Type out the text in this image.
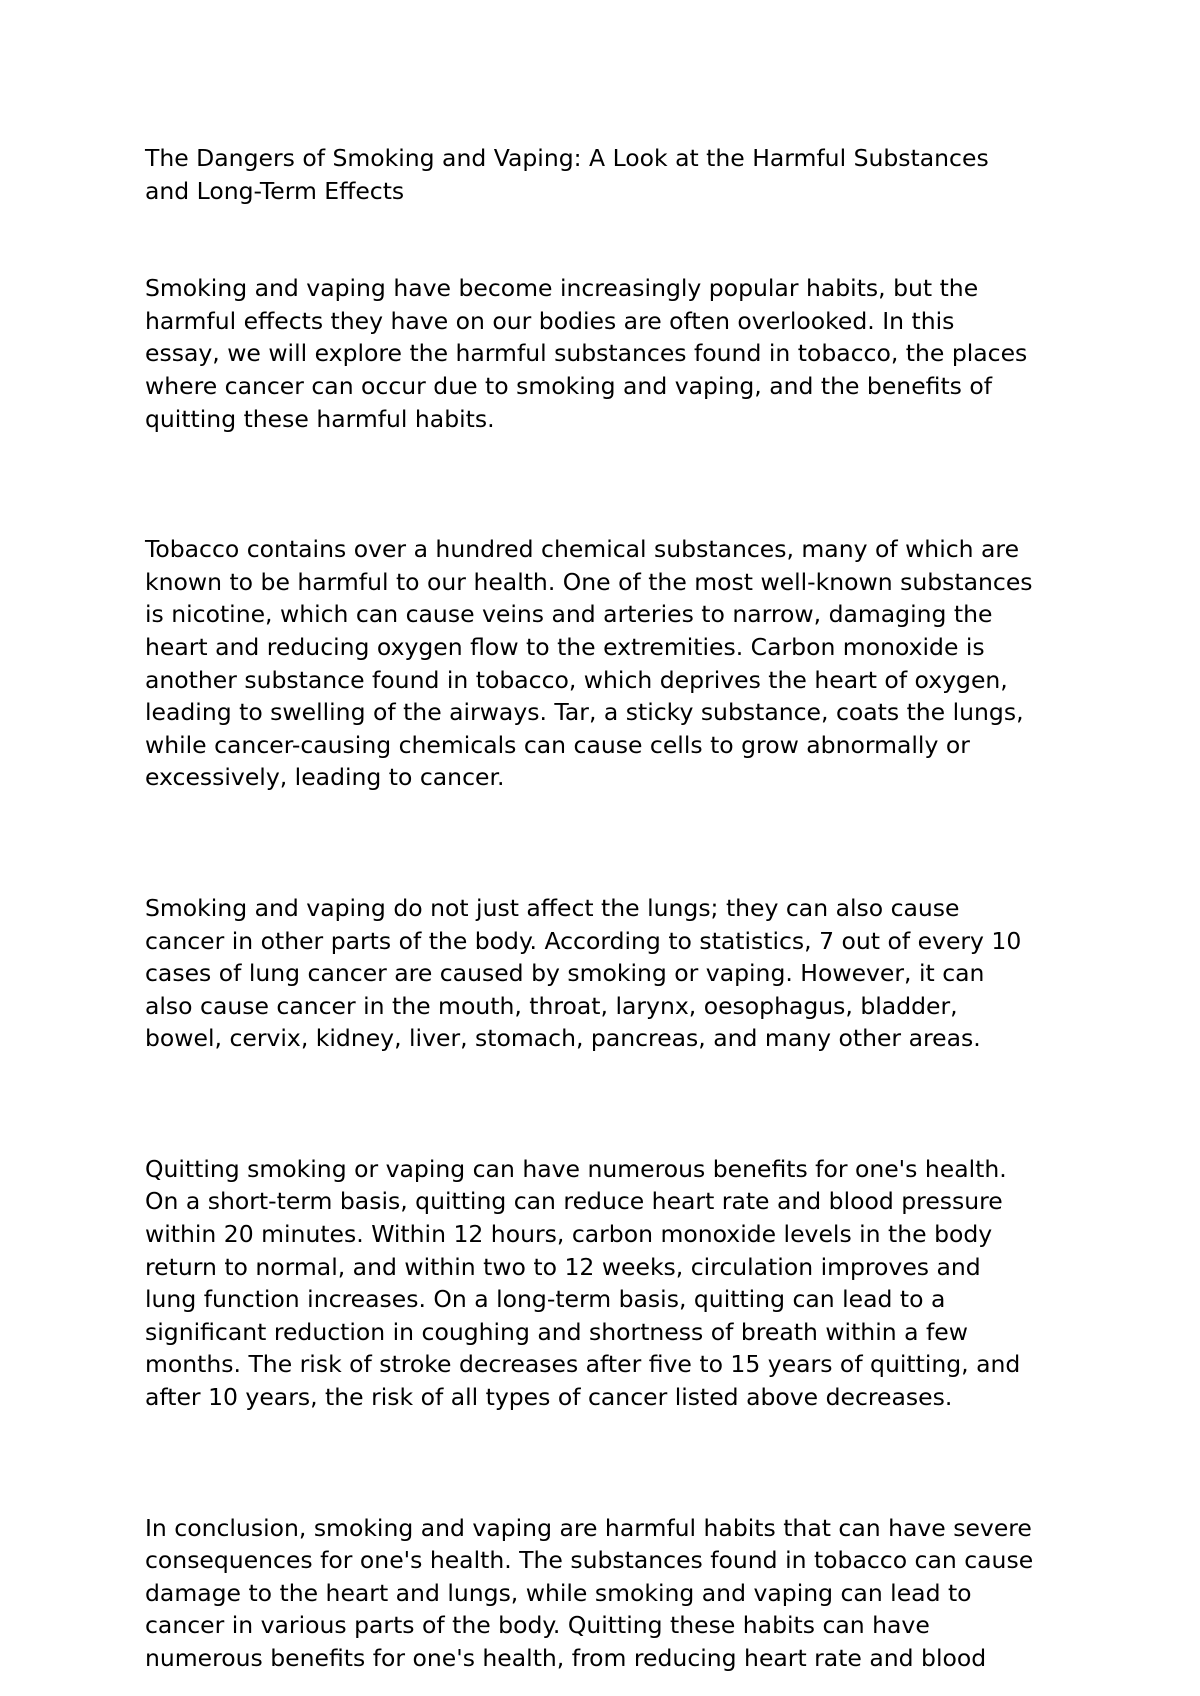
The Dangers of Smoking and Vaping: A Look at the Harmful Substances
and Long-Term Effects
Smoking and vaping have become increasingly popular habits, but the
harmful effects they have on our bodies are often overlooked. In this
essay, we will explore the harmful substances found in tobacco, the places
where cancer can occur due to smoking and vaping, and the benefits of
quitting these harmful habits.
Tobacco contains over a hundred chemical substances, many of which are
known to be harmful to our health. One of the most well-known substances
is nicotine, which can cause veins and arteries to narrow, damaging the
heart and reducing oxygen flow to the extremities. Carbon monoxide is
another substance found in tobacco, which deprives the heart of oxygen,
leading to swelling of the airways. Tar, a sticky substance, coats the lungs,
while cancer-causing chemicals can cause cells to grow abnormally or
excessively, leading to cancer.
Smoking and vaping do not just affect the lungs; they can also cause
cancer in other parts of the body. According to statistics, 7 out of every 10
cases of lung cancer are caused by smoking or vaping. However, it can
also cause cancer in the mouth, throat, larynx, oesophagus, bladder,
bowel, cervix, kidney, liver, stomach, pancreas, and many other areas.
Quitting smoking or vaping can have numerous benefits for one's health.
On a short-term basis, quitting can reduce heart rate and blood pressure
within 20 minutes. Within 12 hours, carbon monoxide levels in the body
return to normal, and within two to 12 weeks, circulation improves and
lung function increases. On a long-term basis, quitting can lead to a
significant reduction in coughing and shortness of breath within a few
months. The risk of stroke decreases after five to 15 years of quitting, and
after 10 years, the risk of all types of cancer listed above decreases.
In conclusion, smoking and vaping are harmful habits that can have severe
consequences for one's health. The substances found in tobacco can cause
damage to the heart and lungs, while smoking and vaping can lead to
cancer in various parts of the body. Quitting these habits can have
numerous benefits for one's health, from reducing heart rate and blood
